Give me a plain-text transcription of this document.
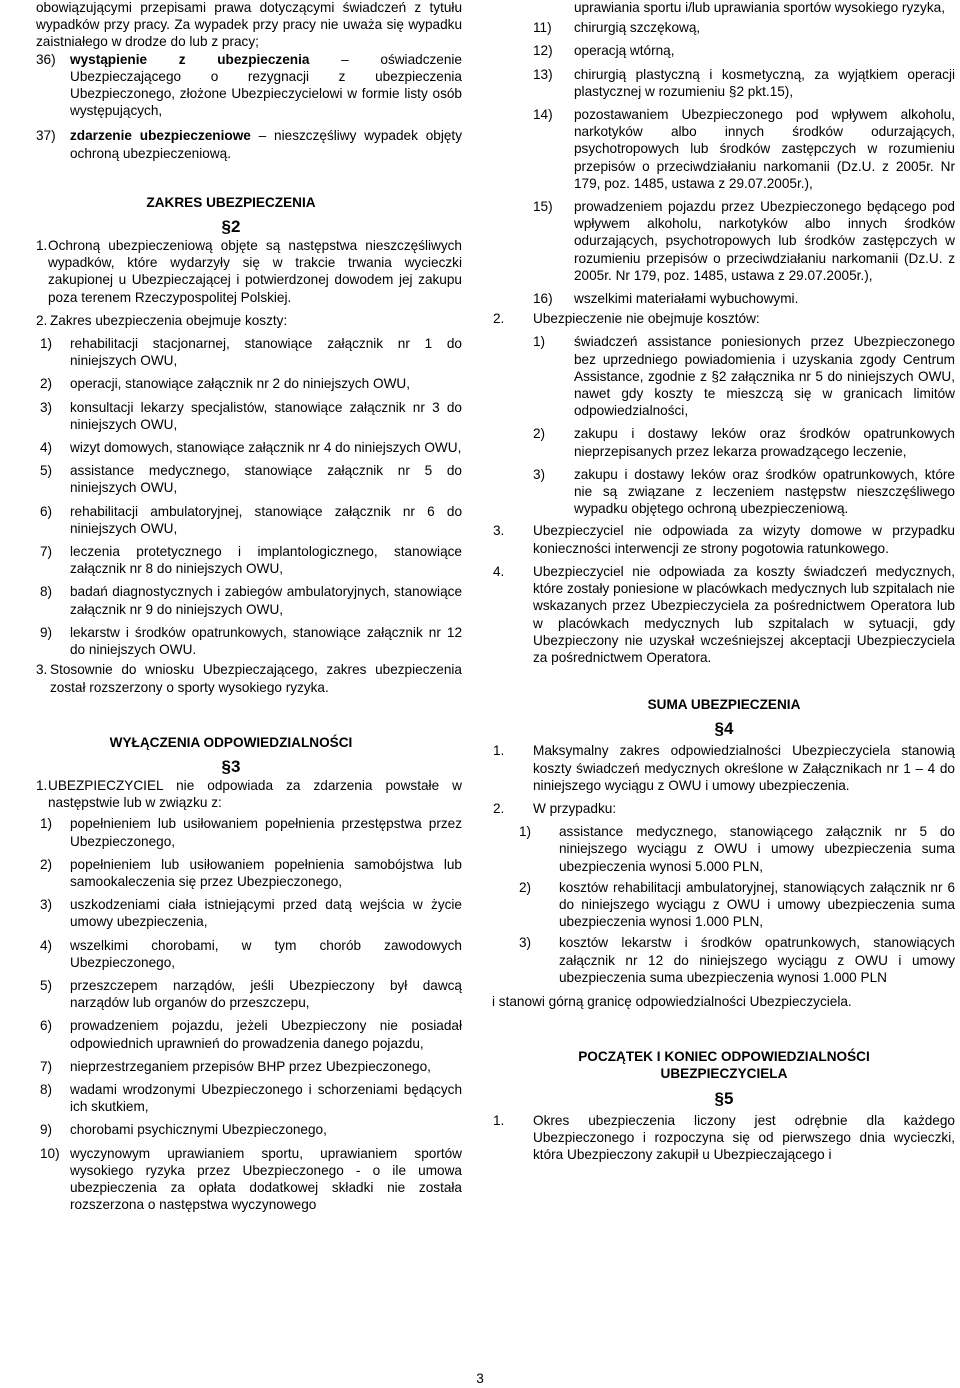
obowiązującymi przepisami prawa dotyczącymi świadczeń z tytułu wypadków przy pracy. Za wypadek przy pracy nie uważa się wypadku zaistniałego w drodze do lub z pracy;

36)	wystąpienie z ubezpieczenia – oświadczenie Ubezpieczającego o rezygnacji z ubezpieczenia Ubezpieczonego, złożone Ubezpieczycielowi w formie listy osób występujących,

37)	zdarzenie ubezpieczeniowe – nieszczęśliwy wypadek objęty ochroną ubezpieczeniową.

ZAKRES UBEZPIECZENIA

§2

1. Ochroną ubezpieczeniową objęte są następstwa nieszczęśliwych wypadków, które wydarzyły się w trakcie trwania wycieczki zakupionej u Ubezpieczającej i potwierdzonej dowodem jej zakupu poza terenem Rzeczypospolitej Polskiej.

2. Zakres ubezpieczenia obejmuje koszty:

1)	rehabilitacji stacjonarnej, stanowiące załącznik nr 1 do niniejszych OWU,

2)	operacji, stanowiące załącznik nr 2 do niniejszych OWU,

3)	konsultacji lekarzy specjalistów, stanowiące załącznik nr 3 do niniejszych OWU,

4)	wizyt domowych, stanowiące załącznik nr 4 do niniejszych OWU,

5)	assistance medycznego, stanowiące załącznik nr 5 do niniejszych OWU,

6)	rehabilitacji ambulatoryjnej, stanowiące załącznik nr 6 do niniejszych OWU,

7)	leczenia protetycznego i implantologicznego, stanowiące załącznik nr 8 do niniejszych OWU,

8)	badań diagnostycznych i zabiegów ambulatoryjnych, stanowiące załącznik nr 9 do niniejszych OWU,

9)	lekarstw i środków opatrunkowych, stanowiące załącznik nr 12 do niniejszych OWU.

3. Stosownie do wniosku Ubezpieczającego, zakres ubezpieczenia został rozszerzony o sporty wysokiego ryzyka.

WYŁĄCZENIA ODPOWIEDZIALNOŚCI

§3

1. UBEZPIECZYCIEL nie odpowiada za zdarzenia powstałe w następstwie lub w związku z:

1)	popełnieniem lub usiłowaniem popełnienia przestępstwa przez Ubezpieczonego,

2)	popełnieniem lub usiłowaniem popełnienia samobójstwa lub samookaleczenia się przez Ubezpieczonego,

3)	uszkodzeniami ciała istniejącymi przed datą wejścia w życie umowy ubezpieczenia,

4)	wszelkimi chorobami, w tym chorób zawodowych Ubezpieczonego,

5)	przeszczepem narządów, jeśli Ubezpieczony był dawcą narządów lub organów do przeszczepu,

6)	prowadzeniem pojazdu, jeżeli Ubezpieczony nie posiadał odpowiednich uprawnień do prowadzenia danego pojazdu,

7)	nieprzestrzeganiem przepisów BHP przez Ubezpieczonego,

8)	wadami wrodzonymi Ubezpieczonego i schorzeniami będących ich skutkiem,

9)	chorobami psychicznymi Ubezpieczonego,

10) wyczynowym uprawianiem sportu, uprawianiem sportów wysokiego ryzyka przez Ubezpieczonego - o ile umowa ubezpieczenia za opłata dodatkowej składki nie została rozszerzona o następstwa wyczynowego

uprawiania sportu i/lub uprawiania sportów wysokiego ryzyka,

11)	chirurgią szczękową,

12)	operacją wtórną,

13)	chirurgią plastyczną i kosmetyczną, za wyjątkiem operacji plastycznej w rozumieniu §2 pkt.15),

14)	pozostawaniem Ubezpieczonego pod wpływem alkoholu, narkotyków albo innych środków odurzających, psychotropowych lub środków zastępczych w rozumieniu przepisów o przeciwdziałaniu narkomanii (Dz.U. z 2005r. Nr 179, poz. 1485, ustawa z 29.07.2005r.),

15)	prowadzeniem pojazdu przez Ubezpieczonego będącego pod wpływem alkoholu, narkotyków albo innych środków odurzających, psychotropowych lub środków zastępczych w rozumieniu przepisów o przeciwdziałaniu narkomanii (Dz.U. z 2005r. Nr 179, poz. 1485, ustawa z 29.07.2005r.),

16)	wszelkimi materiałami wybuchowymi.

2.	Ubezpieczenie nie obejmuje kosztów:

1)	świadczeń assistance poniesionych przez Ubezpieczonego bez uprzedniego powiadomienia i uzyskania zgody Centrum Assistance, zgodnie z §2 załącznika nr 5 do niniejszych OWU, nawet gdy koszty te mieszczą się w granicach limitów odpowiedzialności,

2)	zakupu i dostawy leków oraz środków opatrunkowych nieprzepisanych przez lekarza prowadzącego leczenie,

3)	zakupu i dostawy leków oraz środków opatrunkowych, które nie są związane z leczeniem następstw nieszczęśliwego wypadku objętego ochroną ubezpieczeniową.

3.	Ubezpieczyciel nie odpowiada za wizyty domowe w przypadku konieczności interwencji ze strony pogotowia ratunkowego.

4.	Ubezpieczyciel nie odpowiada za koszty świadczeń medycznych, które zostały poniesione w placówkach medycznych lub szpitalach nie wskazanych przez Ubezpieczyciela za pośrednictwem Operatora lub w placówkach medycznych lub szpitalach w sytuacji, gdy Ubezpieczony nie uzyskał wcześniejszej akceptacji Ubezpieczyciela za pośrednictwem Operatora.

SUMA UBEZPIECZENIA

§4

1.	Maksymalny zakres odpowiedzialności Ubezpieczyciela stanowią koszty świadczeń medycznych określone w Załącznikach nr 1 – 4 do niniejszego wyciągu z OWU i umowy ubezpieczenia.

2.	W przypadku:

1)	assistance medycznego, stanowiącego załącznik nr 5 do niniejszego wyciągu z OWU i umowy ubezpieczenia suma ubezpieczenia wynosi 5.000 PLN,

2)	kosztów rehabilitacji ambulatoryjnej, stanowiących załącznik nr 6 do niniejszego wyciągu z OWU i umowy ubezpieczenia suma ubezpieczenia wynosi 1.000 PLN,

3)	kosztów lekarstw i środków opatrunkowych, stanowiących załącznik nr 12 do niniejszego wyciągu z OWU i umowy ubezpieczenia suma ubezpieczenia wynosi 1.000 PLN

i stanowi górną granicę odpowiedzialności Ubezpieczyciela.

POCZĄTEK I KONIEC ODPOWIEDZIALNOŚCI

UBEZPIECZYCIELA

§5

1.	Okres ubezpieczenia liczony jest odrębnie dla każdego Ubezpieczonego i rozpoczyna się od pierwszego dnia wycieczki, która Ubezpieczony zakupił u Ubezpieczającego i

3
